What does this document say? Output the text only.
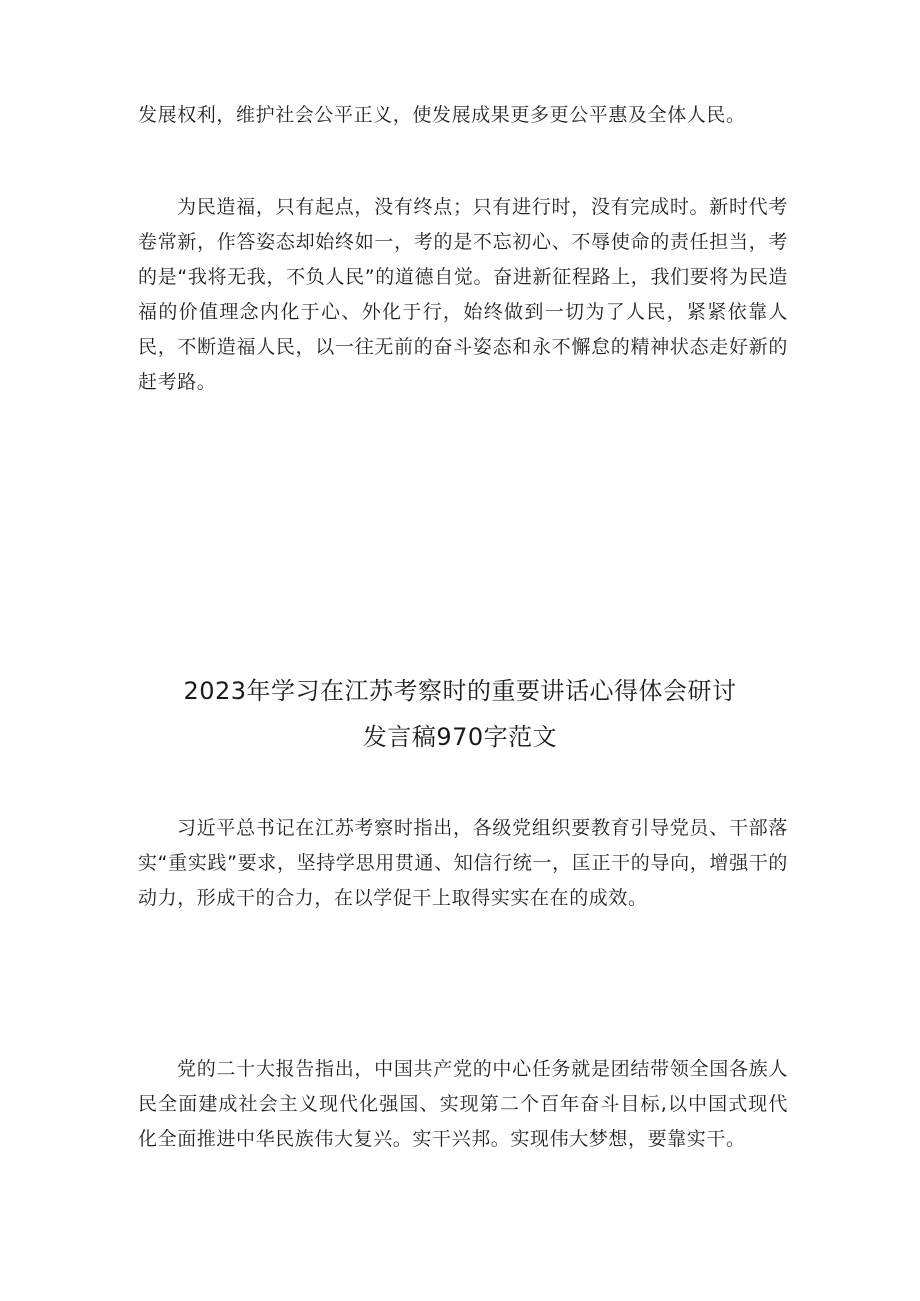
发展权利，维护社会公平正义，使发展成果更多更公平惠及全体人民。

为民造福，只有起点，没有终点；只有进行时，没有完成时。新时代考卷常新，作答姿态却始终如一，考的是不忘初心、不辱使命的责任担当，考的是“我将无我，不负人民”的道德自觉。奋进新征程路上，我们要将为民造福的价值理念内化于心、外化于行，始终做到一切为了人民，紧紧依靠人民，不断造福人民，以一往无前的奋斗姿态和永不懈怠的精神状态走好新的赶考路。

2023年学习在江苏考察时的重要讲话心得体会研讨
发言稿970字范文

习近平总书记在江苏考察时指出，各级党组织要教育引导党员、干部落实“重实践”要求，坚持学思用贯通、知信行统一，匡正干的导向，增强干的动力，形成干的合力，在以学促干上取得实实在在的成效。

党的二十大报告指出，中国共产党的中心任务就是团结带领全国各族人民全面建成社会主义现代化强国、实现第二个百年奋斗目标,以中国式现代化全面推进中华民族伟大复兴。实干兴邦。实现伟大梦想，要靠实干。
